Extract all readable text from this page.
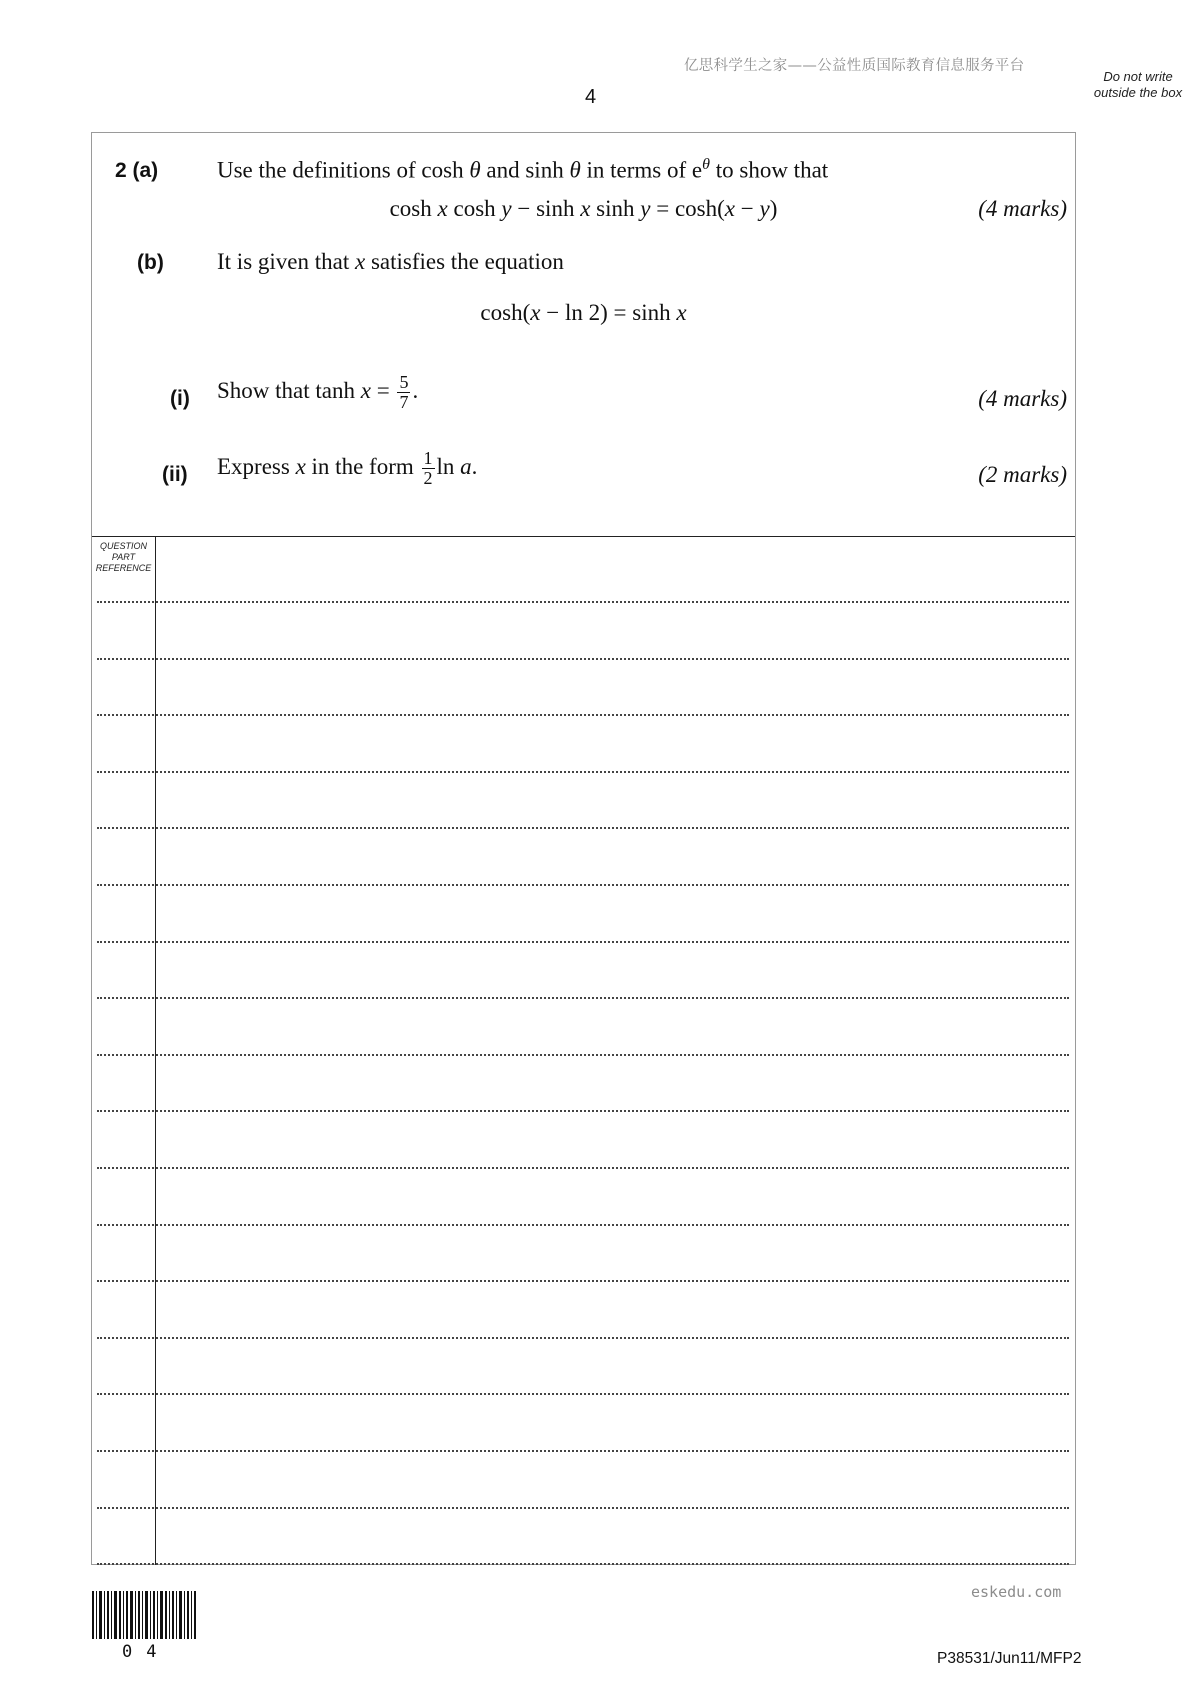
亿思科学生之家——公益性质国际教育信息服务平台
4
Do not write outside the box
2 (a)	Use the definitions of cosh θ and sinh θ in terms of $e^\theta$ to show that
cosh x cosh y − sinh x sinh y = cosh(x − y)	(4 marks)
(b) It is given that x satisfies the equation
cosh(x − ln 2) = sinh x
(i) Show that $\tanh x = \frac{5}{7}$ .	(4 marks)
(ii) Express x in the form $\frac{1}{2}$ ln a.	(2 marks)
QUESTION PART REFERENCE
eskedu.com
04	P38531/Jun11/MFP2
